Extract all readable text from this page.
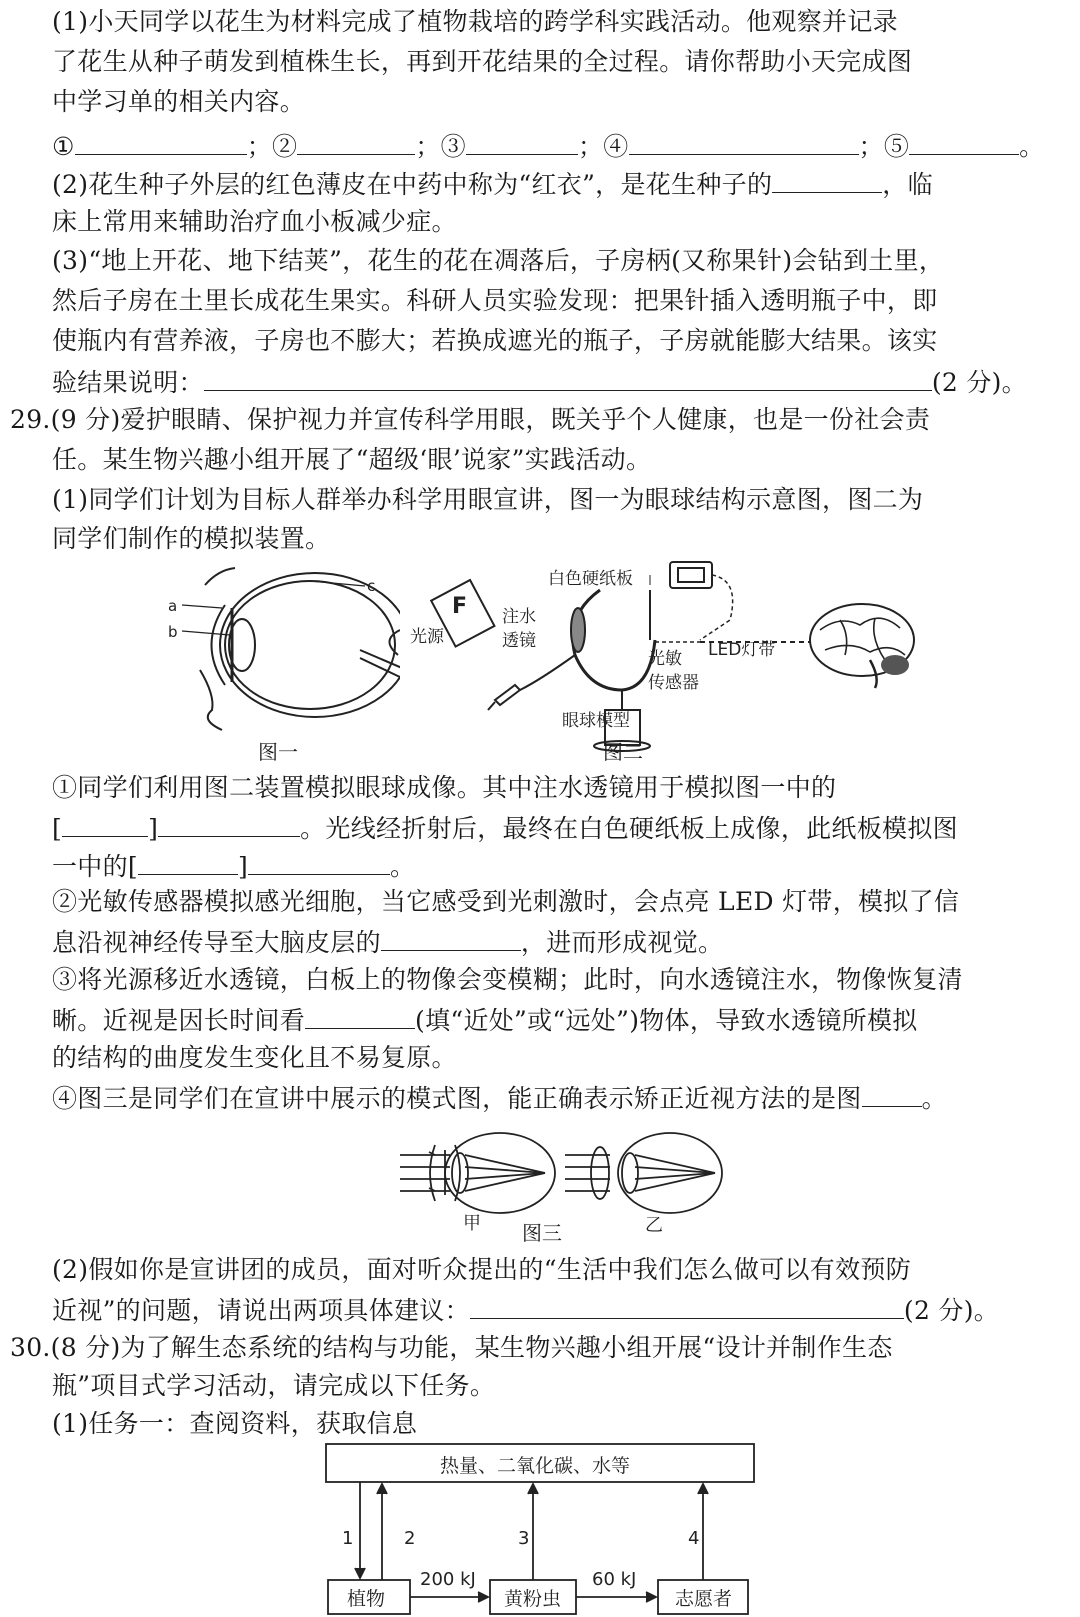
(1)小天同学以花生为材料完成了植物栽培的跨学科实践活动。他观察并记录
了花生从种子萌发到植株生长，再到开花结果的全过程。请你帮助小天完成图
中学习单的相关内容。
①	；②	；③	；④	；⑤	。
(2)花生种子外层的红色薄皮在中药中称为“红衣”，是花生种子的	，临
床上常用来辅助治疗血小板减少症。
(3)“地上开花、地下结荚”，花生的花在凋落后，子房柄(又称果针)会钻到土里，
然后子房在土里长成花生果实。科研人员实验发现：把果针插入透明瓶子中，即
使瓶内有营养液，子房也不膨大；若换成遮光的瓶子，子房就能膨大结果。该实
验结果说明：	(2 分)。
29.(9 分)爱护眼睛、保护视力并宣传科学用眼，既关乎个人健康，也是一份社会责
任。某生物兴趣小组开展了“超级‘眼’说家”实践活动。
(1)同学们计划为目标人群举办科学用眼宣讲，图一为眼球结构示意图，图二为
同学们制作的模拟装置。
a
b
c
图一
F
光源
白色硬纸板
注水
透镜
光敏
传感器
LED灯带
眼球模型
图二
①同学们利用图二装置模拟眼球成像。其中注水透镜用于模拟图一中的
[	]	。光线经折射后，最终在白色硬纸板上成像，此纸板模拟图
一中的[	]	。
②光敏传感器模拟感光细胞，当它感受到光刺激时，会点亮 LED 灯带，模拟了信
息沿视神经传导至大脑皮层的	，进而形成视觉。
③将光源移近水透镜，白板上的物像会变模糊；此时，向水透镜注水，物像恢复清
晰。近视是因长时间看	(填“近处”或“远处”)物体，导致水透镜所模拟
的结构的曲度发生变化且不易复原。
④图三是同学们在宣讲中展示的模式图，能正确表示矫正近视方法的是图 。
甲	乙
图三
(2)假如你是宣讲团的成员，面对听众提出的“生活中我们怎么做可以有效预防
近视”的问题，请说出两项具体建议：	(2 分)。
30.(8 分)为了解生态系统的结构与功能，某生物兴趣小组开展“设计并制作生态
瓶”项目式学习活动，请完成以下任务。
(1)任务一：查阅资料，获取信息
热量、二氧化碳、水等
1	2	3	4
200 kJ	60 kJ
植物	黄粉虫	志愿者
